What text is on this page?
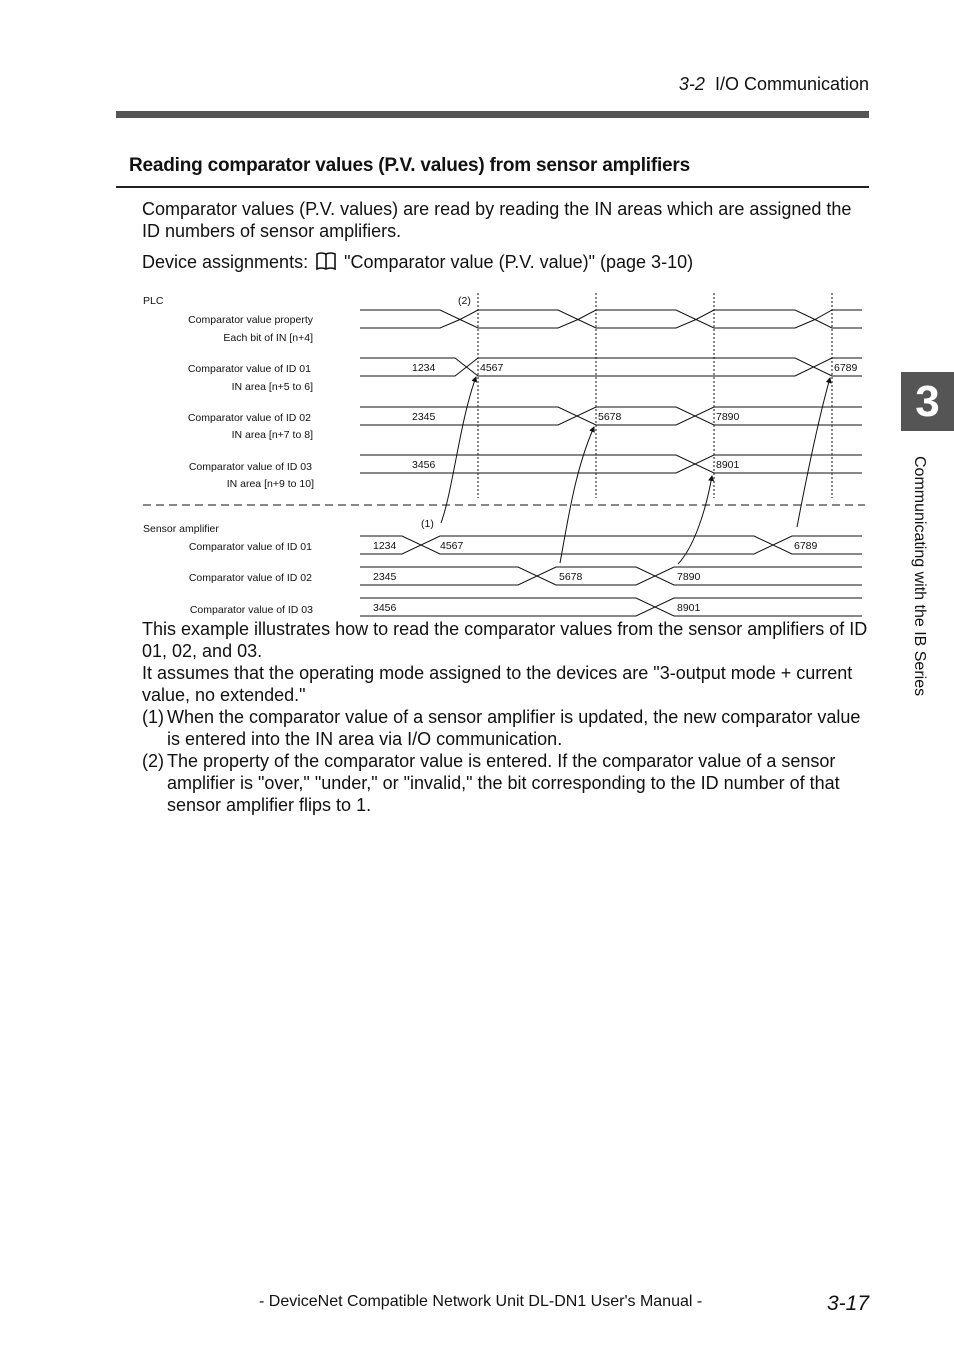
3-2 I/O Communication
Reading comparator values (P.V. values) from sensor amplifiers
Comparator values (P.V. values) are read by reading the IN areas which are assigned the ID numbers of sensor amplifiers.
Device assignments: "Comparator value (P.V. value)" (page 3-10)
3
Communicating with the IB Series
PLC
Comparator value property
Each bit of IN [n+4]
Comparator value of ID 01
IN area [n+5 to 6]
Comparator value of ID 02
IN area [n+7 to 8]
Comparator value of ID 03
IN area [n+9 to 10]
Sensor amplifier
Comparator value of ID 01
Comparator value of ID 02
Comparator value of ID 03
1234	4567	6789
2345	5678	7890
3456	8901
(2)
1234	4567	6789
2345	5678	7890
3456	8901
(1)
This example illustrates how to read the comparator values from the sensor amplifiers of ID 01, 02, and 03.
It assumes that the operating mode assigned to the devices are "3-output mode + current value, no extended."
(1) When the comparator value of a sensor amplifier is updated, the new comparator value is entered into the IN area via I/O communication.
(2) The property of the comparator value is entered. If the comparator value of a sensor amplifier is "over," "under," or "invalid," the bit corresponding to the ID number of that sensor amplifier flips to 1.
- DeviceNet Compatible Network Unit DL-DN1 User's Manual -	3-17
